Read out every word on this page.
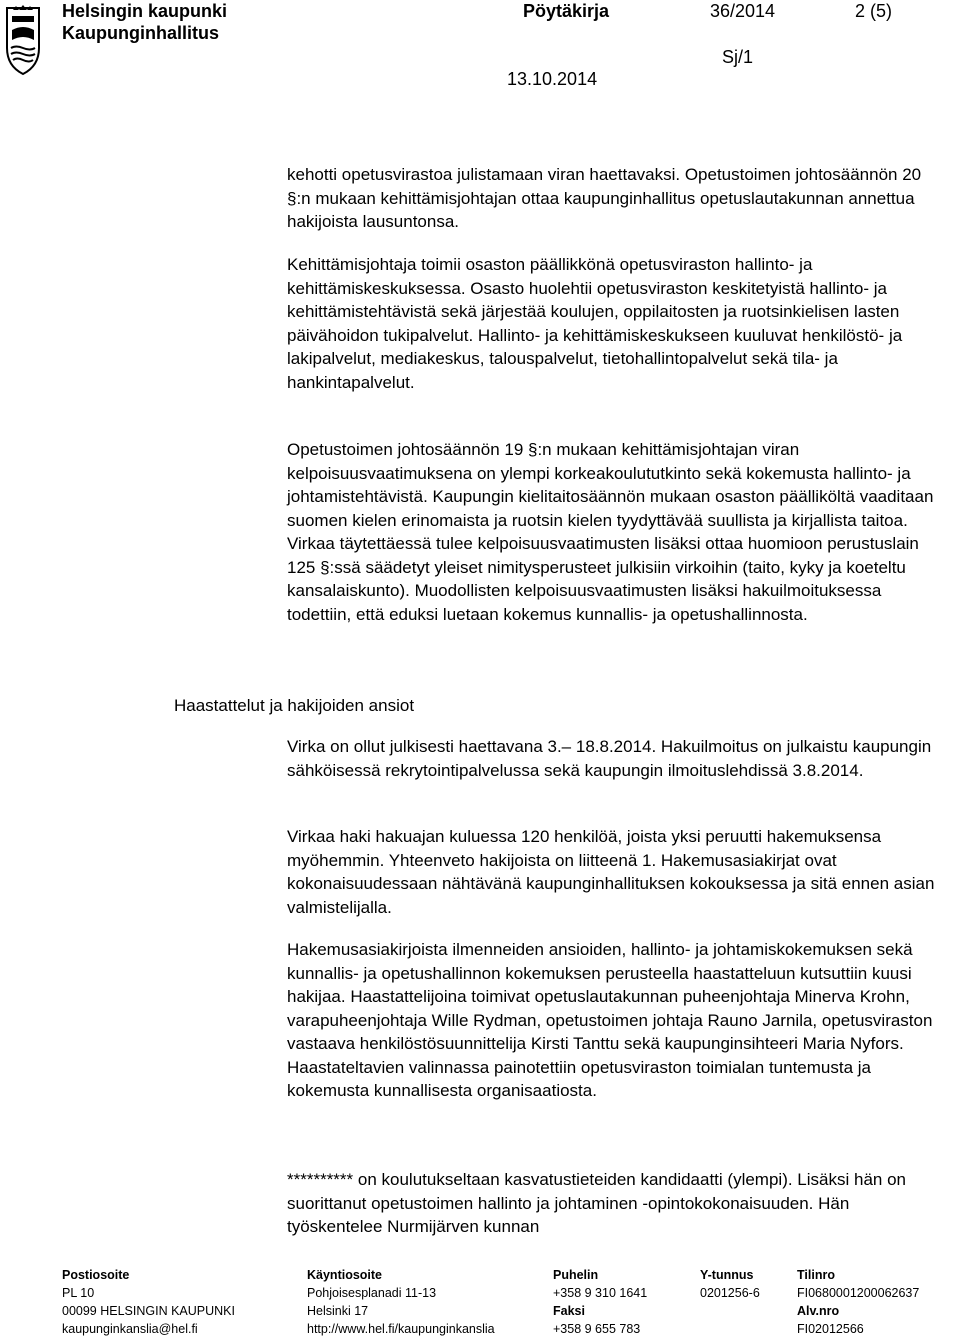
Helsingin kaupunki
Kaupunginhallitus
Pöytäkirja	36/2014	2 (5)
Sj/1
13.10.2014

kehotti opetusvirastoa julistamaan viran haettavaksi. Opetustoimen johtosäännön 20 §:n mukaan kehittämisjohtajan ottaa kaupunginhallitus opetuslautakunnan annettua hakijoista lausuntonsa.

Kehittämisjohtaja toimii osaston päällikkönä opetusviraston hallinto- ja kehittämiskeskuksessa. Osasto huolehtii opetusviraston keskitetyistä hallinto- ja kehittämistehtävistä sekä järjestää koulujen, oppilaitosten ja ruotsinkielisen lasten päivähoidon tukipalvelut. Hallinto- ja kehittämiskeskukseen kuuluvat henkilöstö- ja lakipalvelut, mediakeskus, talouspalvelut, tietohallintopalvelut sekä tila- ja hankintapalvelut.

Opetustoimen johtosäännön 19 §:n mukaan kehittämisjohtajan viran kelpoisuusvaatimuksena on ylempi korkeakoulututkinto sekä kokemusta hallinto- ja johtamistehtävistä. Kaupungin kielitaitosäännön mukaan osaston päälliköltä vaaditaan suomen kielen erinomaista ja ruotsin kielen tyydyttävää suullista ja kirjallista taitoa. Virkaa täytettäessä tulee kelpoisuusvaatimusten lisäksi ottaa huomioon perustuslain 125 §:ssä säädetyt yleiset nimitysperusteet julkisiin virkoihin (taito, kyky ja koeteltu kansalaiskunto). Muodollisten kelpoisuusvaatimusten lisäksi hakuilmoituksessa todettiin, että eduksi luetaan kokemus kunnallis- ja opetushallinnosta.

Haastattelut ja hakijoiden ansiot

Virka on ollut julkisesti haettavana 3.– 18.8.2014. Hakuilmoitus on julkaistu kaupungin sähköisessä rekrytointipalvelussa sekä kaupungin ilmoituslehdissä 3.8.2014.

Virkaa haki hakuajan kuluessa 120 henkilöä, joista yksi peruutti hakemuksensa myöhemmin. Yhteenveto hakijoista on liitteenä 1. Hakemusasiakirjat ovat kokonaisuudessaan nähtävänä kaupunginhallituksen kokouksessa ja sitä ennen asian valmistelijalla.

Hakemusasiakirjoista ilmenneiden ansioiden, hallinto- ja johtamiskokemuksen sekä kunnallis- ja opetushallinnon kokemuksen perusteella haastatteluun kutsuttiin kuusi hakijaa. Haastattelijoina toimivat opetuslautakunnan puheenjohtaja Minerva Krohn, varapuheenjohtaja Wille Rydman, opetustoimen johtaja Rauno Jarnila, opetusviraston vastaava henkilöstösuunnittelija Kirsti Tanttu sekä kaupunginsihteeri Maria Nyfors. Haastateltavien valinnassa painotettiin opetusviraston toimialan tuntemusta ja kokemusta kunnallisesta organisaatiosta.

********** on koulutukseltaan kasvatustieteiden kandidaatti (ylempi). Lisäksi hän on suorittanut opetustoimen hallinto ja johtaminen -opintokokonaisuuden. Hän työskentelee Nurmijärven kunnan

Postiosoite
PL 10
00099 HELSINGIN KAUPUNKI
kaupunginkanslia@hel.fi
Käyntiosoite
Pohjoisesplanadi 11-13
Helsinki 17
http://www.hel.fi/kaupunginkanslia
Puhelin
+358 9 310 1641
Faksi
+358 9 655 783
Y-tunnus
0201256-6
Tilinro
FI0680001200062637
Alv.nro
FI02012566
